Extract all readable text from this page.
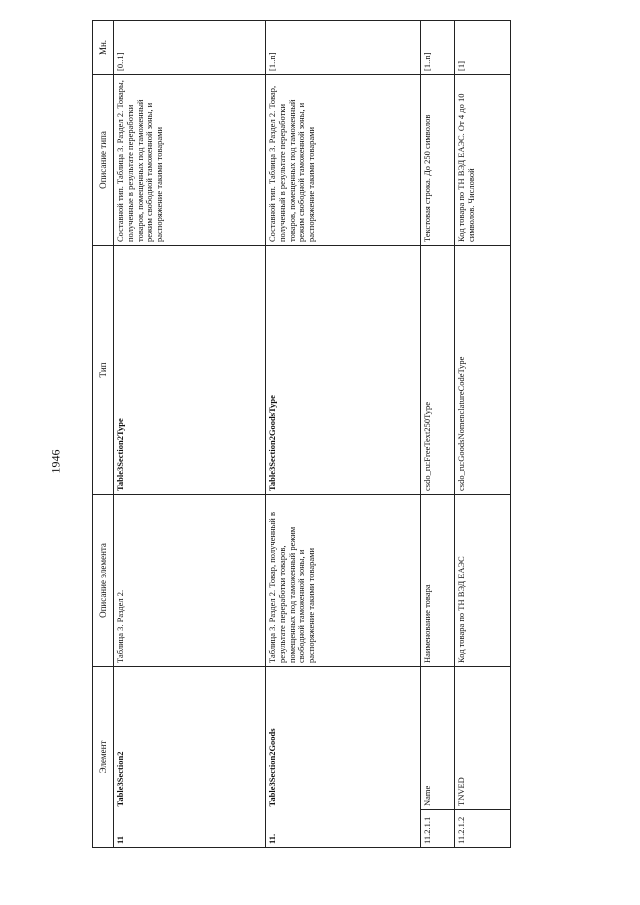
1946
Элемент		Описание элемента	Тип	Описание типа	Мн.
11	Table3Section2	Таблица 3. Раздел 2.	Table3Section2Type	Составной тип. Таблица 3. Раздел 2. Товары, полученные в результате переработки товаров, помещенных под таможенный режим свободной таможенной зоны, и распоряжение такими товарами	[0..1]
11.	Table3Section2Goods	Таблица 3. Раздел 2. Товар, полученный в результате переработки товаров, помещенных под таможенный режим свободной таможенной зоны, и распоряжение такими товарами	Table3Section2GoodsType	Составной тип. Таблица 3. Раздел 2. Товар, полученный в результате переработки товаров, помещенных под таможенный режим свободной таможенной зоны, и распоряжение такими товарами	[1..n]
11.2.1.1	Name	Наименование товара	csdo_ru:FreeText250Type	Текстовая строка. До 250 символов	[1..n]
11.2.1.2	TNVED	Код товара по ТН ВЭД ЕАЭС	csdo_ru:GoodsNomenclatureCodeType	Код товара по ТН ВЭД ЕАЭС. От 4 до 10 символов. Числовой	[1]
